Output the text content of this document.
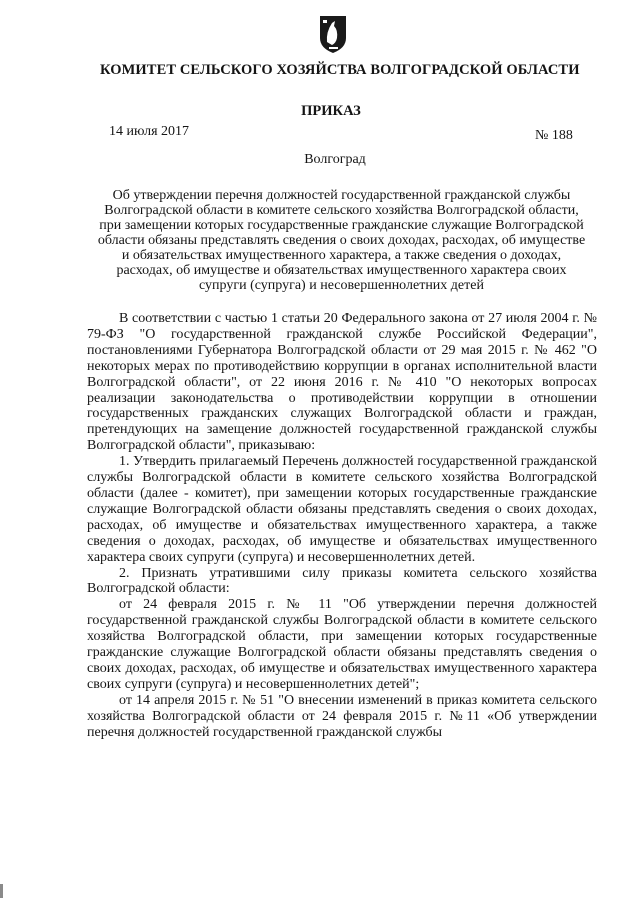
КОМИТЕТ СЕЛЬСКОГО ХОЗЯЙСТВА ВОЛГОГРАДСКОЙ ОБЛАСТИ
ПРИКАЗ
14 июля 2017	№ 188
Волгоград
Об утверждении перечня должностей государственной гражданской службы Волгоградской области в комитете сельского хозяйства Волгоградской области, при замещении которых государственные гражданские служащие Волгоградской области обязаны представлять сведения о своих доходах, расходах, об имуществе и обязательствах имущественного характера, а также сведения о доходах, расходах, об имуществе и обязательствах имущественного характера своих супруги (супруга) и несовершеннолетних детей

В соответствии с частью 1 статьи 20 Федерального закона от 27 июля 2004 г. № 79-ФЗ "О государственной гражданской службе Российской Федерации", постановлениями Губернатора Волгоградской области от 29 мая 2015 г. № 462 "О некоторых мерах по противодействию коррупции в органах исполнительной власти Волгоградской области", от 22 июня 2016 г. № 410 "О некоторых вопросах реализации законодательства о противодействии коррупции в отношении государственных гражданских служащих Волгоградской области и граждан, претендующих на замещение должностей государственной гражданской службы Волгоградской области", приказываю:

1. Утвердить прилагаемый Перечень должностей государственной гражданской службы Волгоградской области в комитете сельского хозяйства Волгоградской области (далее - комитет), при замещении которых государственные гражданские служащие Волгоградской области обязаны представлять сведения о своих доходах, расходах, об имуществе и обязательствах имущественного характера, а также сведения о доходах, расходах, об имуществе и обязательствах имущественного характера своих супруги (супруга) и несовершеннолетних детей.

2. Признать утратившими силу приказы комитета сельского хозяйства Волгоградской области:

от 24 февраля 2015 г. № 11 "Об утверждении перечня должностей государственной гражданской службы Волгоградской области в комитете сельского хозяйства Волгоградской области, при замещении которых государственные гражданские служащие Волгоградской области обязаны представлять сведения о своих доходах, расходах, об имуществе и обязательствах имущественного характера своих супруги (супруга) и несовершеннолетних детей";

от 14 апреля 2015 г. № 51 "О внесении изменений в приказ комитета сельского хозяйства Волгоградской области от 24 февраля 2015 г. №11 «Об утверждении перечня должностей государственной гражданской службы
